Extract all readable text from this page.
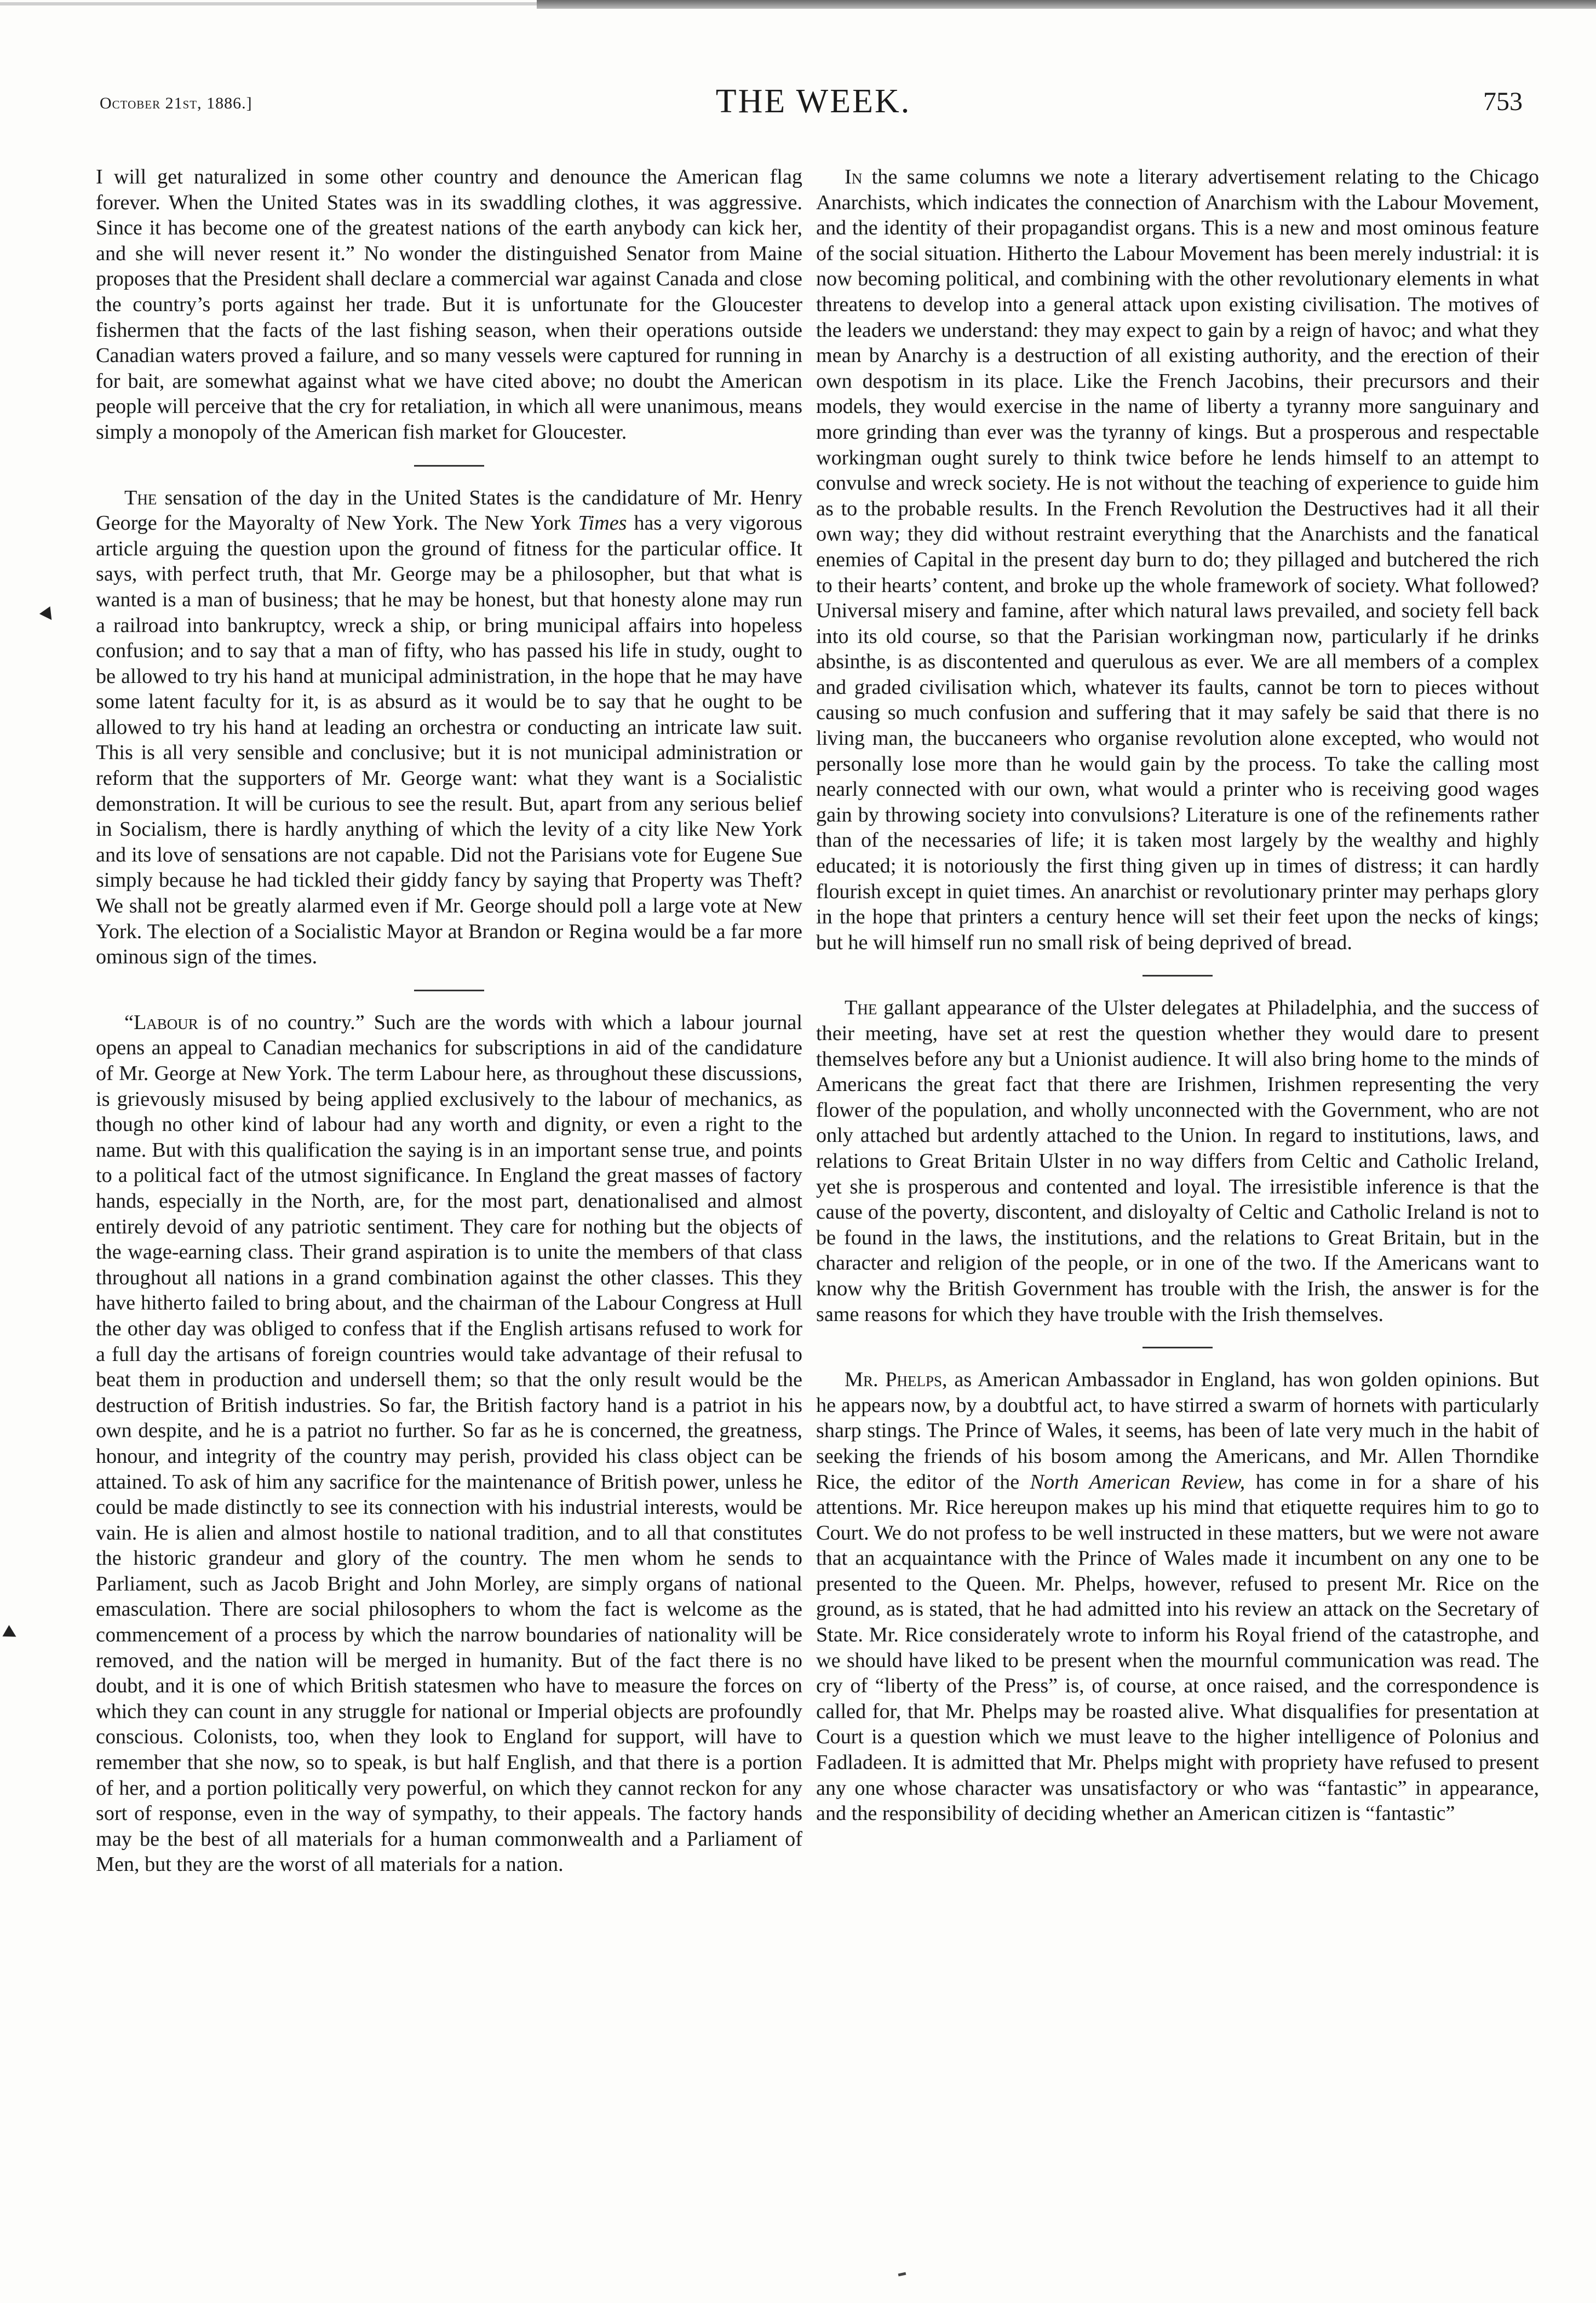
October 21st, 1886.]	THE WEEK.	753

I will get naturalized in some other country and denounce the American flag forever. When the United States was in its swaddling clothes, it was aggressive. Since it has become one of the greatest nations of the earth anybody can kick her, and she will never resent it.” No wonder the distinguished Senator from Maine proposes that the President shall declare a commercial war against Canada and close the country’s ports against her trade. But it is unfortunate for the Gloucester fishermen that the facts of the last fishing season, when their operations outside Canadian waters proved a failure, and so many vessels were captured for running in for bait, are somewhat against what we have cited above; no doubt the American people will perceive that the cry for retaliation, in which all were unanimous, means simply a monopoly of the American fish market for Gloucester.

The sensation of the day in the United States is the candidature of Mr. Henry George for the Mayoralty of New York. The New York Times has a very vigorous article arguing the question upon the ground of fitness for the particular office. It says, with perfect truth, that Mr. George may be a philosopher, but that what is wanted is a man of business; that he may be honest, but that honesty alone may run a railroad into bankruptcy, wreck a ship, or bring municipal affairs into hopeless confusion; and to say that a man of fifty, who has passed his life in study, ought to be allowed to try his hand at municipal administration, in the hope that he may have some latent faculty for it, is as absurd as it would be to say that he ought to be allowed to try his hand at leading an orchestra or conducting an intricate law suit. This is all very sensible and conclusive; but it is not municipal administration or reform that the supporters of Mr. George want: what they want is a Socialistic demonstration. It will be curious to see the result. But, apart from any serious belief in Socialism, there is hardly anything of which the levity of a city like New York and its love of sensations are not capable. Did not the Parisians vote for Eugene Sue simply because he had tickled their giddy fancy by saying that Property was Theft? We shall not be greatly alarmed even if Mr. George should poll a large vote at New York. The election of a Socialistic Mayor at Brandon or Regina would be a far more ominous sign of the times.

“Labour is of no country.” Such are the words with which a labour journal opens an appeal to Canadian mechanics for subscriptions in aid of the candidature of Mr. George at New York. The term Labour here, as throughout these discussions, is grievously misused by being applied exclusively to the labour of mechanics, as though no other kind of labour had any worth and dignity, or even a right to the name. But with this qualification the saying is in an important sense true, and points to a political fact of the utmost significance. In England the great masses of factory hands, especially in the North, are, for the most part, denationalised and almost entirely devoid of any patriotic sentiment. They care for nothing but the objects of the wage-earning class. Their grand aspiration is to unite the members of that class throughout all nations in a grand combination against the other classes. This they have hitherto failed to bring about, and the chairman of the Labour Congress at Hull the other day was obliged to confess that if the English artisans refused to work for a full day the artisans of foreign countries would take advantage of their refusal to beat them in production and undersell them; so that the only result would be the destruction of British industries. So far, the British factory hand is a patriot in his own despite, and he is a patriot no further. So far as he is concerned, the greatness, honour, and integrity of the country may perish, provided his class object can be attained. To ask of him any sacrifice for the maintenance of British power, unless he could be made distinctly to see its connection with his industrial interests, would be vain. He is alien and almost hostile to national tradition, and to all that constitutes the historic grandeur and glory of the country. The men whom he sends to Parliament, such as Jacob Bright and John Morley, are simply organs of national emasculation. There are social philosophers to whom the fact is welcome as the commencement of a process by which the narrow boundaries of nationality will be removed, and the nation will be merged in humanity. But of the fact there is no doubt, and it is one of which British statesmen who have to measure the forces on which they can count in any struggle for national or Imperial objects are profoundly conscious. Colonists, too, when they look to England for support, will have to remember that she now, so to speak, is but half English, and that there is a portion of her, and a portion politically very powerful, on which they cannot reckon for any sort of response, even in the way of sympathy, to their appeals. The factory hands may be the best of all materials for a human commonwealth and a Parliament of Men, but they are the worst of all materials for a nation.

In the same columns we note a literary advertisement relating to the Chicago Anarchists, which indicates the connection of Anarchism with the Labour Movement, and the identity of their propagandist organs. This is a new and most ominous feature of the social situation. Hitherto the Labour Movement has been merely industrial: it is now becoming political, and combining with the other revolutionary elements in what threatens to develop into a general attack upon existing civilisation. The motives of the leaders we understand: they may expect to gain by a reign of havoc; and what they mean by Anarchy is a destruction of all existing authority, and the erection of their own despotism in its place. Like the French Jacobins, their precursors and their models, they would exercise in the name of liberty a tyranny more sanguinary and more grinding than ever was the tyranny of kings. But a prosperous and respectable workingman ought surely to think twice before he lends himself to an attempt to convulse and wreck society. He is not without the teaching of experience to guide him as to the probable results. In the French Revolution the Destructives had it all their own way; they did without restraint everything that the Anarchists and the fanatical enemies of Capital in the present day burn to do; they pillaged and butchered the rich to their hearts’ content, and broke up the whole framework of society. What followed? Universal misery and famine, after which natural laws prevailed, and society fell back into its old course, so that the Parisian workingman now, particularly if he drinks absinthe, is as discontented and querulous as ever. We are all members of a complex and graded civilisation which, whatever its faults, cannot be torn to pieces without causing so much confusion and suffering that it may safely be said that there is no living man, the buccaneers who organise revolution alone excepted, who would not personally lose more than he would gain by the process. To take the calling most nearly connected with our own, what would a printer who is receiving good wages gain by throwing society into convulsions? Literature is one of the refinements rather than of the necessaries of life; it is taken most largely by the wealthy and highly educated; it is notoriously the first thing given up in times of distress; it can hardly flourish except in quiet times. An anarchist or revolutionary printer may perhaps glory in the hope that printers a century hence will set their feet upon the necks of kings; but he will himself run no small risk of being deprived of bread.

The gallant appearance of the Ulster delegates at Philadelphia, and the success of their meeting, have set at rest the question whether they would dare to present themselves before any but a Unionist audience. It will also bring home to the minds of Americans the great fact that there are Irishmen, Irishmen representing the very flower of the population, and wholly unconnected with the Government, who are not only attached but ardently attached to the Union. In regard to institutions, laws, and relations to Great Britain Ulster in no way differs from Celtic and Catholic Ireland, yet she is prosperous and contented and loyal. The irresistible inference is that the cause of the poverty, discontent, and disloyalty of Celtic and Catholic Ireland is not to be found in the laws, the institutions, and the relations to Great Britain, but in the character and religion of the people, or in one of the two. If the Americans want to know why the British Government has trouble with the Irish, the answer is for the same reasons for which they have trouble with the Irish themselves.

Mr. Phelps, as American Ambassador in England, has won golden opinions. But he appears now, by a doubtful act, to have stirred a swarm of hornets with particularly sharp stings. The Prince of Wales, it seems, has been of late very much in the habit of seeking the friends of his bosom among the Americans, and Mr. Allen Thorndike Rice, the editor of the North American Review, has come in for a share of his attentions. Mr. Rice hereupon makes up his mind that etiquette requires him to go to Court. We do not profess to be well instructed in these matters, but we were not aware that an acquaintance with the Prince of Wales made it incumbent on any one to be presented to the Queen. Mr. Phelps, however, refused to present Mr. Rice on the ground, as is stated, that he had admitted into his review an attack on the Secretary of State. Mr. Rice considerately wrote to inform his Royal friend of the catastrophe, and we should have liked to be present when the mournful communication was read. The cry of “liberty of the Press” is, of course, at once raised, and the correspondence is called for, that Mr. Phelps may be roasted alive. What disqualifies for presentation at Court is a question which we must leave to the higher intelligence of Polonius and Fadladeen. It is admitted that Mr. Phelps might with propriety have refused to present any one whose character was unsatisfactory or who was “fantastic” in appearance, and the responsibility of deciding whether an American citizen is “fantastic”
